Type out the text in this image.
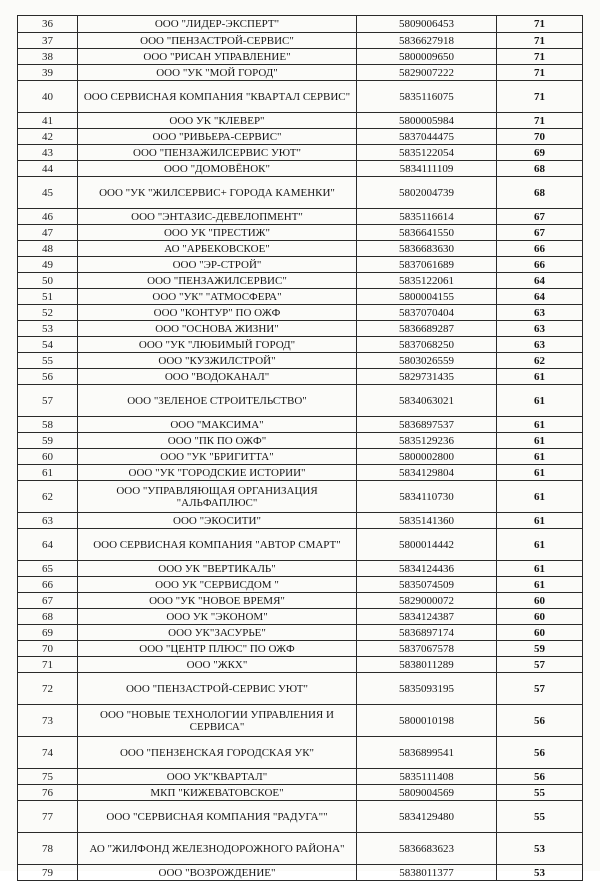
36	ООО "ЛИДЕР-ЭКСПЕРТ"	5809006453	71
37	ООО "ПЕНЗАСТРОЙ-СЕРВИС"	5836627918	71
38	ООО "РИСАН УПРАВЛЕНИЕ"	5800009650	71
39	ООО "УК "МОЙ ГОРОД"	5829007222	71
40	ООО СЕРВИСНАЯ КОМПАНИЯ "КВАРТАЛ СЕРВИС"	5835116075	71
41	ООО УК "КЛЕВЕР"	5800005984	71
42	ООО "РИВЬЕРА-СЕРВИС"	5837044475	70
43	ООО "ПЕНЗАЖИЛСЕРВИС УЮТ"	5835122054	69
44	ООО "ДОМОВЁНОК"	5834111109	68
45	ООО "УК "ЖИЛСЕРВИС+ ГОРОДА КАМЕНКИ"	5802004739	68
46	ООО "ЭНТАЗИС-ДЕВЕЛОПМЕНТ"	5835116614	67
47	ООО УК "ПРЕСТИЖ"	5836641550	67
48	АО "АРБЕКОВСКОЕ"	5836683630	66
49	ООО "ЭР-СТРОЙ"	5837061689	66
50	ООО "ПЕНЗАЖИЛСЕРВИС"	5835122061	64
51	ООО "УК" "АТМОСФЕРА"	5800004155	64
52	ООО "КОНТУР" ПО ОЖФ	5837070404	63
53	ООО "ОСНОВА ЖИЗНИ"	5836689287	63
54	ООО "УК "ЛЮБИМЫЙ ГОРОД"	5837068250	63
55	ООО "КУЗЖИЛСТРОЙ"	5803026559	62
56	ООО "ВОДОКАНАЛ"	5829731435	61
57	ООО "ЗЕЛЕНОЕ СТРОИТЕЛЬСТВО"	5834063021	61
58	ООО "МАКСИМА"	5836897537	61
59	ООО "ПК ПО ОЖФ"	5835129236	61
60	ООО "УК "БРИГИТТА"	5800002800	61
61	ООО "УК "ГОРОДСКИЕ ИСТОРИИ"	5834129804	61
62	ООО "УПРАВЛЯЮЩАЯ ОРГАНИЗАЦИЯ "АЛЬФАПЛЮС"	5834110730	61
63	ООО "ЭКОСИТИ"	5835141360	61
64	ООО СЕРВИСНАЯ КОМПАНИЯ "АВТОР СМАРТ"	5800014442	61
65	ООО УК "ВЕРТИКАЛЬ"	5834124436	61
66	ООО УК "СЕРВИСДОМ "	5835074509	61
67	ООО "УК "НОВОЕ ВРЕМЯ"	5829000072	60
68	ООО УК "ЭКОНОМ"	5834124387	60
69	ООО УК"ЗАСУРЬЕ"	5836897174	60
70	ООО "ЦЕНТР ПЛЮС" ПО ОЖФ	5837067578	59
71	ООО "ЖКХ"	5838011289	57
72	ООО "ПЕНЗАСТРОЙ-СЕРВИС УЮТ"	5835093195	57
73	ООО "НОВЫЕ ТЕХНОЛОГИИ УПРАВЛЕНИЯ И СЕРВИСА"	5800010198	56
74	ООО "ПЕНЗЕНСКАЯ ГОРОДСКАЯ УК"	5836899541	56
75	ООО УК"КВАРТАЛ"	5835111408	56
76	МКП "КИЖЕВАТОВСКОЕ"	5809004569	55
77	ООО "СЕРВИСНАЯ КОМПАНИЯ "РАДУГА""	5834129480	55
78	АО "ЖИЛФОНД ЖЕЛЕЗНОДОРОЖНОГО РАЙОНА"	5836683623	53
79	ООО "ВОЗРОЖДЕНИЕ"	5838011377	53
